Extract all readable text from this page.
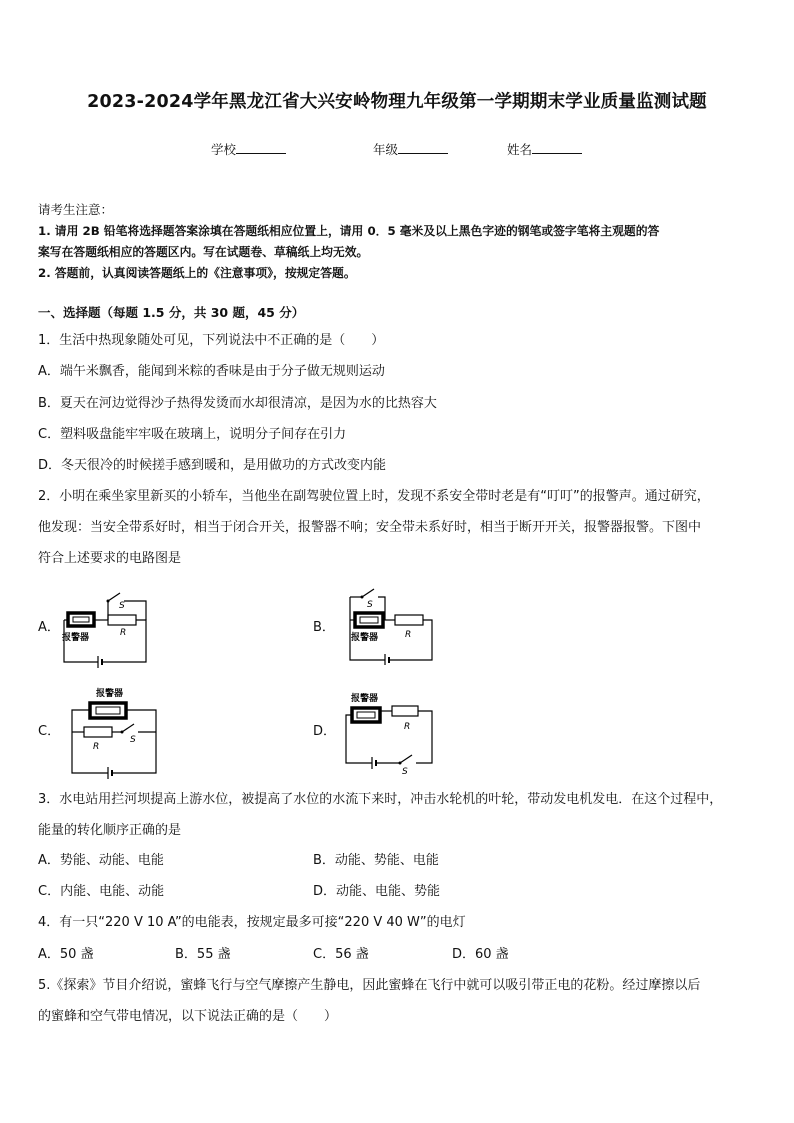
2023-2024学年黑龙江省大兴安岭物理九年级第一学期期末学业质量监测试题
学校	年级	姓名
请考生注意：
1. 请用 2B 铅笔将选择题答案涂填在答题纸相应位置上，请用 0．5 毫米及以上黑色字迹的钢笔或签字笔将主观题的答
案写在答题纸相应的答题区内。写在试题卷、草稿纸上均无效。
2. 答题前，认真阅读答题纸上的《注意事项》，按规定答题。
一、选择题（每题 1.5 分，共 30 题，45 分）
1．生活中热现象随处可见，下列说法中不正确的是（　　）
A．端午米飘香，能闻到米粽的香味是由于分子做无规则运动
B．夏天在河边觉得沙子热得发烫而水却很清凉，是因为水的比热容大
C．塑料吸盘能牢牢吸在玻璃上，说明分子间存在引力
D．冬天很冷的时候搓手感到暖和，是用做功的方式改变内能
2．小明在乘坐家里新买的小轿车，当他坐在副驾驶位置上时，发现不系安全带时老是有“叮叮”的报警声。通过研究，
他发现：当安全带系好时，相当于闭合开关，报警器不响；安全带未系好时，相当于断开开关，报警器报警。下图中
符合上述要求的电路图是
A．	B．
C．	D．
报警器
S
R	报警器
S
R
报警器
R
S
报警器
R
S
3．水电站用拦河坝提高上游水位，被提高了水位的水流下来时，冲击水轮机的叶轮，带动发电机发电．在这个过程中，
能量的转化顺序正确的是
A．势能、动能、电能	B．动能、势能、电能
C．内能、电能、动能	D．动能、电能、势能
4．有一只“220 V 10 A”的电能表，按规定最多可接“220 V 40 W”的电灯
A．50 盏	B．55 盏	C．56 盏	D．60 盏
5.《探索》节目介绍说，蜜蜂飞行与空气摩擦产生静电，因此蜜蜂在飞行中就可以吸引带正电的花粉。经过摩擦以后
的蜜蜂和空气带电情况，以下说法正确的是（　　）
